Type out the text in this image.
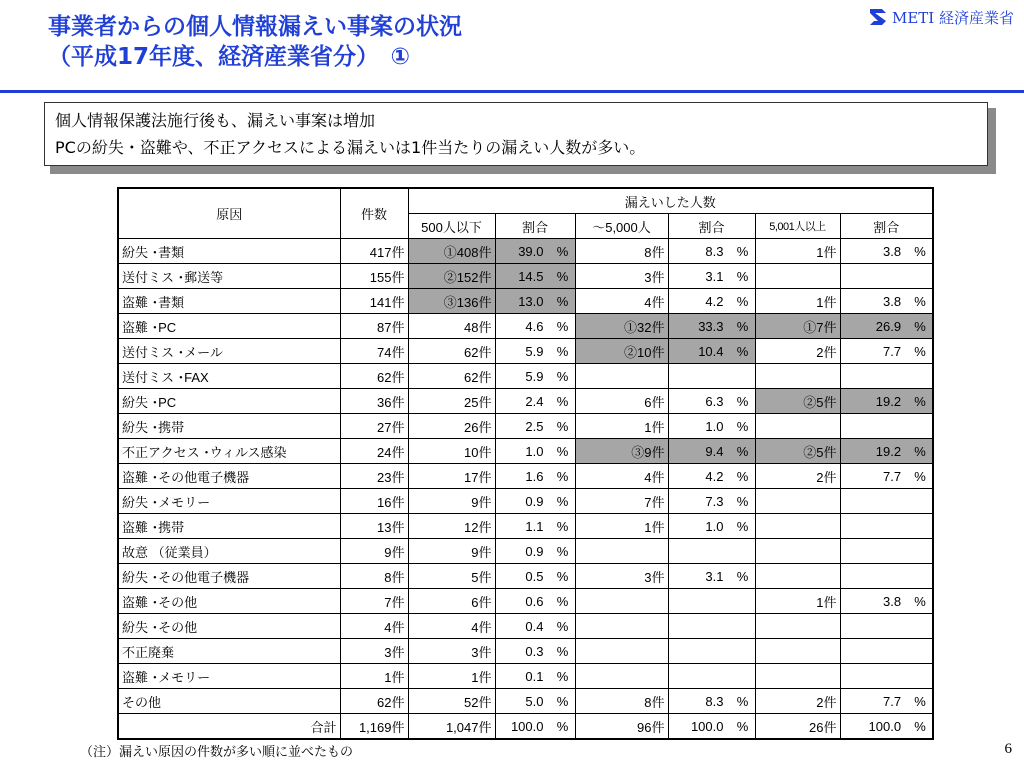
事業者からの個人情報漏えい事案の状況
（平成17年度、経済産業省分）　①
METI 経済産業省
個人情報保護法施行後も、漏えい事案は増加
PCの紛失・盗難や、不正アクセスによる漏えいは1件当たりの漏えい人数が多い。
原因	件数	漏えいした人数					
		500人以下	割合	～5,000人	割合	5,001人以上	割合
紛失 ･書類	417件	①408件	39.0 %	8件	8.3 %	1件	3.8 %
送付ミス ･郵送等	155件	②152件	14.5 %	3件	3.1 %		
盗難 ･書類	141件	③136件	13.0 %	4件	4.2 %	1件	3.8 %
盗難 ･PC	87件	48件	4.6 %	①32件	33.3 %	①7件	26.9 %
送付ミス ･メール	74件	62件	5.9 %	②10件	10.4 %	2件	7.7 %
送付ミス ･FAX	62件	62件	5.9 %				
紛失 ･PC	36件	25件	2.4 %	6件	6.3 %	②5件	19.2 %
紛失 ･携帯	27件	26件	2.5 %	1件	1.0 %		
不正アクセス ･ウィルス感染	24件	10件	1.0 %	③9件	9.4 %	②5件	19.2 %
盗難 ･その他電子機器	23件	17件	1.6 %	4件	4.2 %	2件	7.7 %
紛失 ･メモリー	16件	9件	0.9 %	7件	7.3 %		
盗難 ･携帯	13件	12件	1.1 %	1件	1.0 %		
故意 （従業員）	9件	9件	0.9 %				
紛失 ･その他電子機器	8件	5件	0.5 %	3件	3.1 %		
盗難 ･その他	7件	6件	0.6 %			1件	3.8 %
紛失 ･その他	4件	4件	0.4 %				
不正廃棄	3件	3件	0.3 %				
盗難 ･メモリー	1件	1件	0.1 %				
その他	62件	52件	5.0 %	8件	8.3 %	2件	7.7 %
合計	1,169件	1,047件	100.0 %	96件	100.0 %	26件	100.0 %
（注）漏えい原因の件数が多い順に並べたもの	6
